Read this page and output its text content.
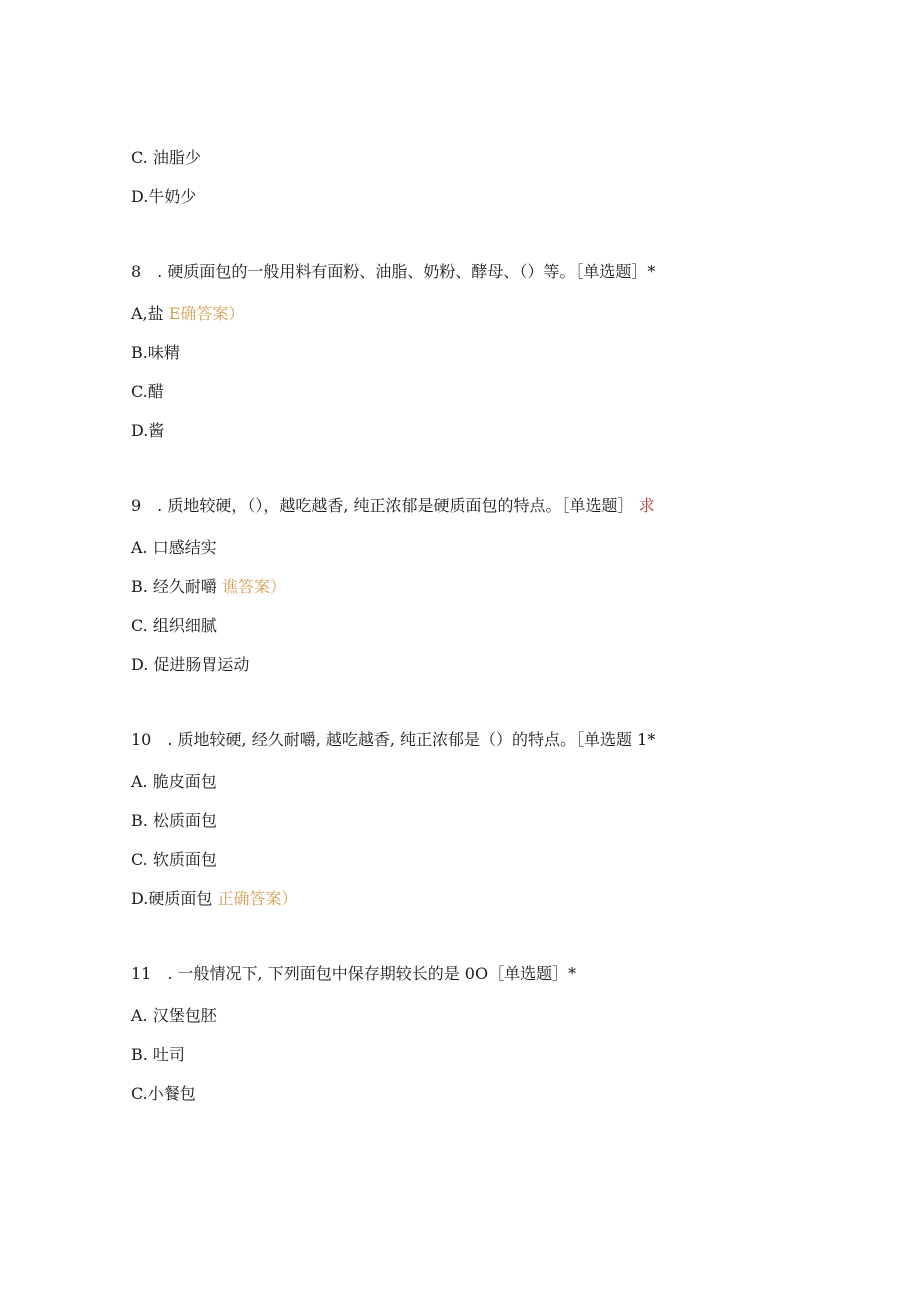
C. 油脂少
D.牛奶少
8　. 硬质面包的一般用料有面粉、油脂、奶粉、酵母、（）等。［单选题］*
A,盐 E确答案）
B.味精
C.醋
D.酱
9　. 质地较硬，（），越吃越香, 纯正浓郁是硬质面包的特点。［单选题］ 求
A. 口感结实
B. 经久耐嚼 谯答案）
C. 组织细腻
D. 促进肠胃运动
10　. 质地较硬, 经久耐嚼, 越吃越香, 纯正浓郁是（）的特点。［单选题 1*
A. 脆皮面包
B. 松质面包
C. 软质面包
D.硬质面包 正确答案）
11　. 一般情况下, 下列面包中保存期较长的是 0O［单选题］*
A. 汉堡包胚
B. 吐司
C.小餐包
